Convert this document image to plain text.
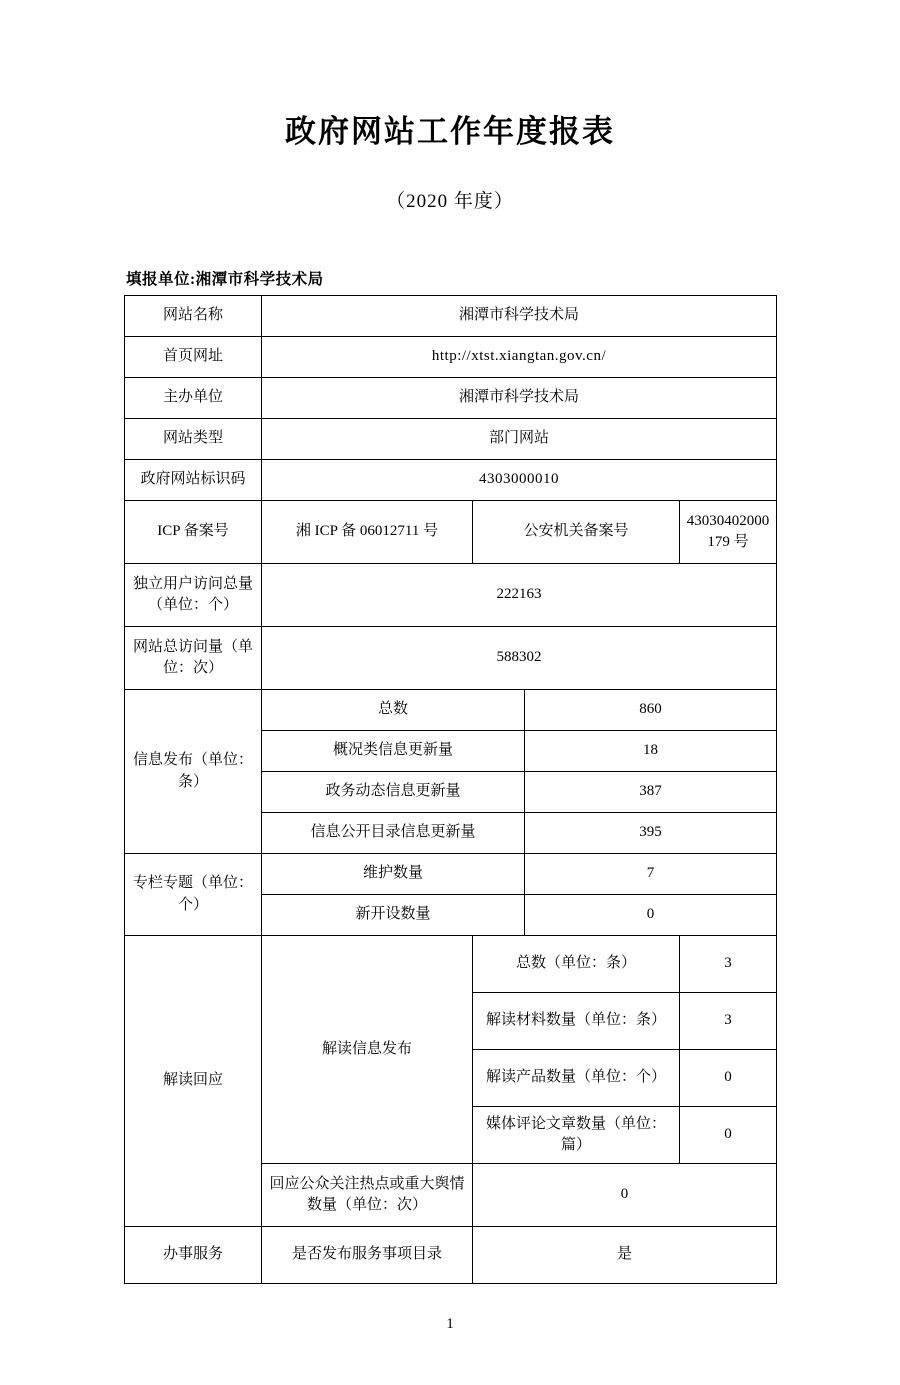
政府网站工作年度报表
（2020 年度）
填报单位:湘潭市科学技术局
网站名称	湘潭市科学技术局			
首页网址	http://xtst.xiangtan.gov.cn/			
主办单位	湘潭市科学技术局			
网站类型	部门网站			
政府网站标识码	4303000010			
ICP 备案号	湘 ICP 备 06012711 号	公安机关备案号		43030402000179 号
独立用户访问总量（单位：个）	222163			
网站总访问量（单位：次）	588302			
信息发布（单位：条）	总数		860	
	概况类信息更新量		18	
	政务动态信息更新量		387	
	信息公开目录信息更新量		395	
专栏专题（单位：个）	维护数量		7	
	新开设数量		0	
解读回应	解读信息发布	总数（单位：条）		3
		解读材料数量（单位：条）		3
		解读产品数量（单位：个）		0
		媒体评论文章数量（单位：篇）		0
	回应公众关注热点或重大舆情数量（单位：次）	0		
办事服务	是否发布服务事项目录	是		
1
